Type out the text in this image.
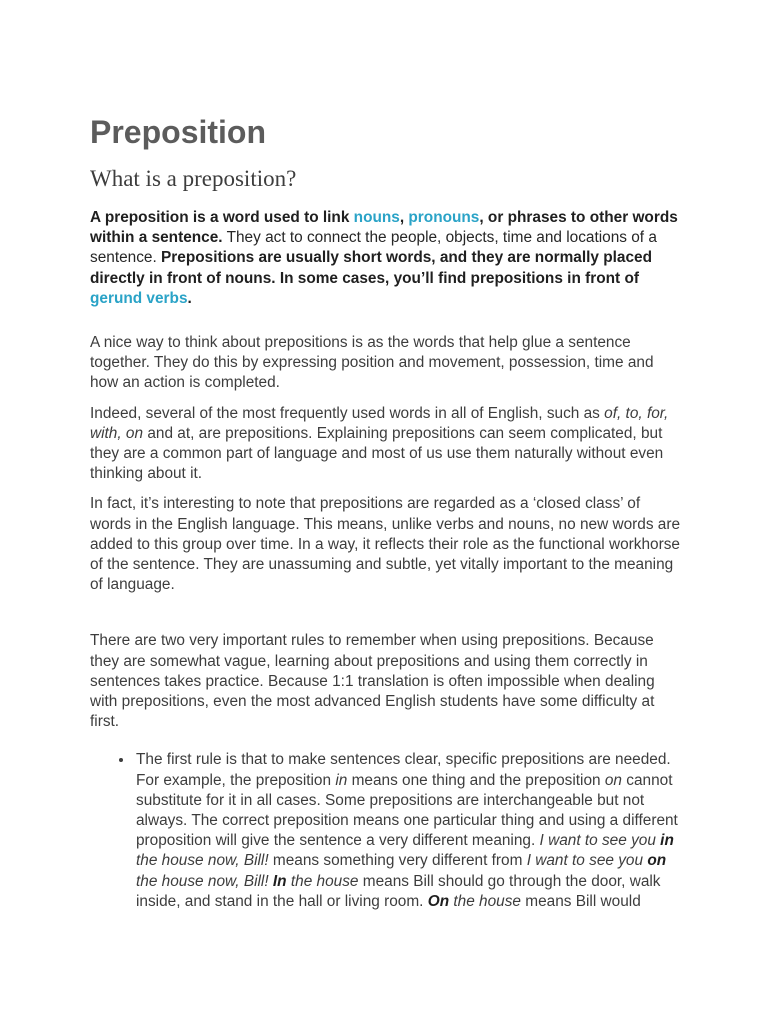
Preposition
What is a preposition?

A preposition is a word used to link nouns, pronouns, or phrases to other words within a sentence. They act to connect the people, objects, time and locations of a sentence. Prepositions are usually short words, and they are normally placed directly in front of nouns. In some cases, you’ll find prepositions in front of gerund verbs.

A nice way to think about prepositions is as the words that help glue a sentence together. They do this by expressing position and movement, possession, time and how an action is completed.

Indeed, several of the most frequently used words in all of English, such as of, to, for, with, on and at, are prepositions. Explaining prepositions can seem complicated, but they are a common part of language and most of us use them naturally without even thinking about it.

In fact, it’s interesting to note that prepositions are regarded as a ‘closed class’ of words in the English language. This means, unlike verbs and nouns, no new words are added to this group over time. In a way, it reflects their role as the functional workhorse of the sentence. They are unassuming and subtle, yet vitally important to the meaning of language.

There are two very important rules to remember when using prepositions. Because they are somewhat vague, learning about prepositions and using them correctly in sentences takes practice. Because 1:1 translation is often impossible when dealing with prepositions, even the most advanced English students have some difficulty at first.

• The first rule is that to make sentences clear, specific prepositions are needed. For example, the preposition in means one thing and the preposition on cannot substitute for it in all cases. Some prepositions are interchangeable but not always. The correct preposition means one particular thing and using a different proposition will give the sentence a very different meaning. I want to see you in the house now, Bill! means something very different from I want to see you on the house now, Bill! In the house means Bill should go through the door, walk inside, and stand in the hall or living room. On the house means Bill would
